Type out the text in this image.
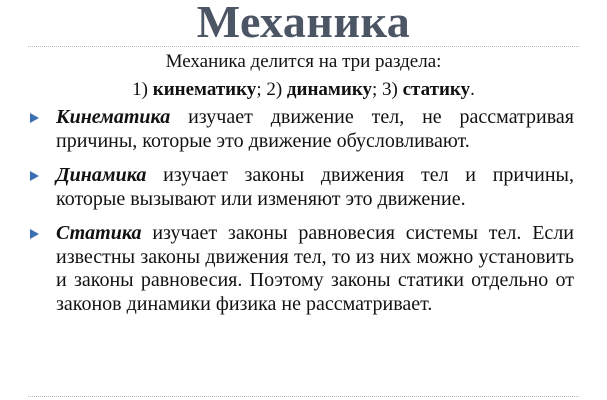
Механика
Механика делится на три раздела:
1) кинематику; 2) динамику; 3) статику.
Кинематика изучает движение тел, не рассматривая причины, которые это движение обусловливают.
Динамика изучает законы движения тел и причины, которые вызывают или изменяют это движение.
Статика изучает законы равновесия системы тел. Если известны законы движения тел, то из них можно установить и законы равновесия. Поэтому законы статики отдельно от законов динамики физика не рассматривает.
